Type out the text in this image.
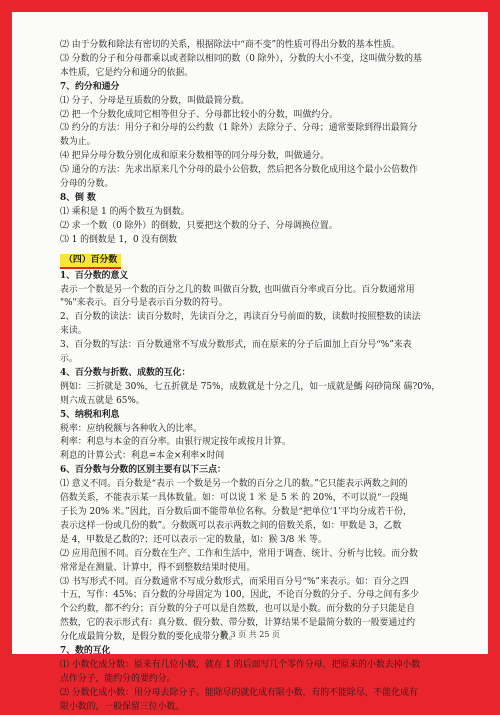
⑵ 由于分数和除法有密切的关系，根据除法中“商不变”的性质可得出分数的基本性质。
⑶ 分数的分子和分母都乘以或者除以相同的数（0 除外），分数的大小不变，这叫做分数的基
本性质，它是约分和通分的依据。
7、约分和通分
⑴ 分子、分母是互质数的分数，叫做最简分数。
⑵ 把一个分数化成同它相等但分子、分母都比较小的分数，叫做约分。
⑶ 约分的方法：用分子和分母的公约数（1 除外）去除分子、分母；通常要除到得出最简分
数为止。
⑷ 把异分母分数分别化成和原来分数相等的同分母分数，叫做通分。
⑸ 通分的方法：先求出原来几个分母的最小公倍数，然后把各分数化成用这个最小公倍数作
分母的分数。
8、倒 数
⑴ 乘积是 1 的两个数互为倒数。
⑵ 求一个数（0 除外）的倒数，只要把这个数的分子、分母调换位置。
⑶ 1 的倒数是 1，0 没有倒数
（四）百分数
1、百分数的意义
表示一个数是另一个数的百分之几的数 叫做百分数, 也叫做百分率或百分比。百分数通常用
"%"来表示。百分号是表示百分数的符号。
2、百分数的读法：读百分数时，先读百分之，再读百分号前面的数，读数时按照整数的读法
来读。
3、百分数的写法：百分数通常不写成分数形式，而在原来的分子后面加上百分号“%”来表
示。
4、百分数与折数、成数的互化：
例如：三折就是 30%，七五折就是 75%，成数就是十分之几，如一成就是鰢 闷砂筒琛 碭?0%，
则六成五就是 65%。
5、纳税和利息
税率：应纳税额与各种收入的比率。
利率：利息与本金的百分率。由银行规定按年或按月计算。
利息的计算公式：利息=本金×利率×时间
6、百分数与分数的区别主要有以下三点：
⑴ 意义不同。百分数是“表示 一个数是另一个数的百分之几的数。”它只能表示两数之间的
倍数关系，不能表示某一具体数量。如：可以说 1 米 是 5 米 的 20%，不可以说“一段绳
子长为 20% 米。”因此，百分数后面不能带单位名称。分数是“把单位‘1’平均分成若干份，
表示这样一份或几份的数”。分数既可以表示两数之间的倍数关系，如：甲数是 3，乙数
是 4，甲数是乙数的?；还可以表示一定的数量，如：猴 3/8 米 等。
⑵ 应用范围不同。百分数在生产、工作和生活中，常用于调查、统计、分析与比较。而分数
常常是在测量、计算中，得不到整数结果时使用。
⑶ 书写形式不同。百分数通常不写成分数形式，而采用百分号“%”来表示。如：百分之四
十五，写作：45%；百分数的分母固定为 100，因此，不论百分数的分子、分母之间有多少
个公约数，都不约分；百分数的分子可以是自然数，也可以是小数。而分数的分子只能是自
然数，它的表示形式有：真分数、假分数、带分数，计算结果不是最简分数的一般要通过约
分化成最简分数，是假分数的要化成带分数。
7、数的互化
⑴ 小数化成分数：原来有几位小数，就在 1 的后面写几个零作分母，把原来的小数去掉小数
点作分子，能约分的要约分。
⑵ 分数化成小数：用分母去除分子。能除尽的就化成有限小数，有的不能除尽，不能化成有
限小数的，一般保留三位小数。
第 3 页 共 25 页
